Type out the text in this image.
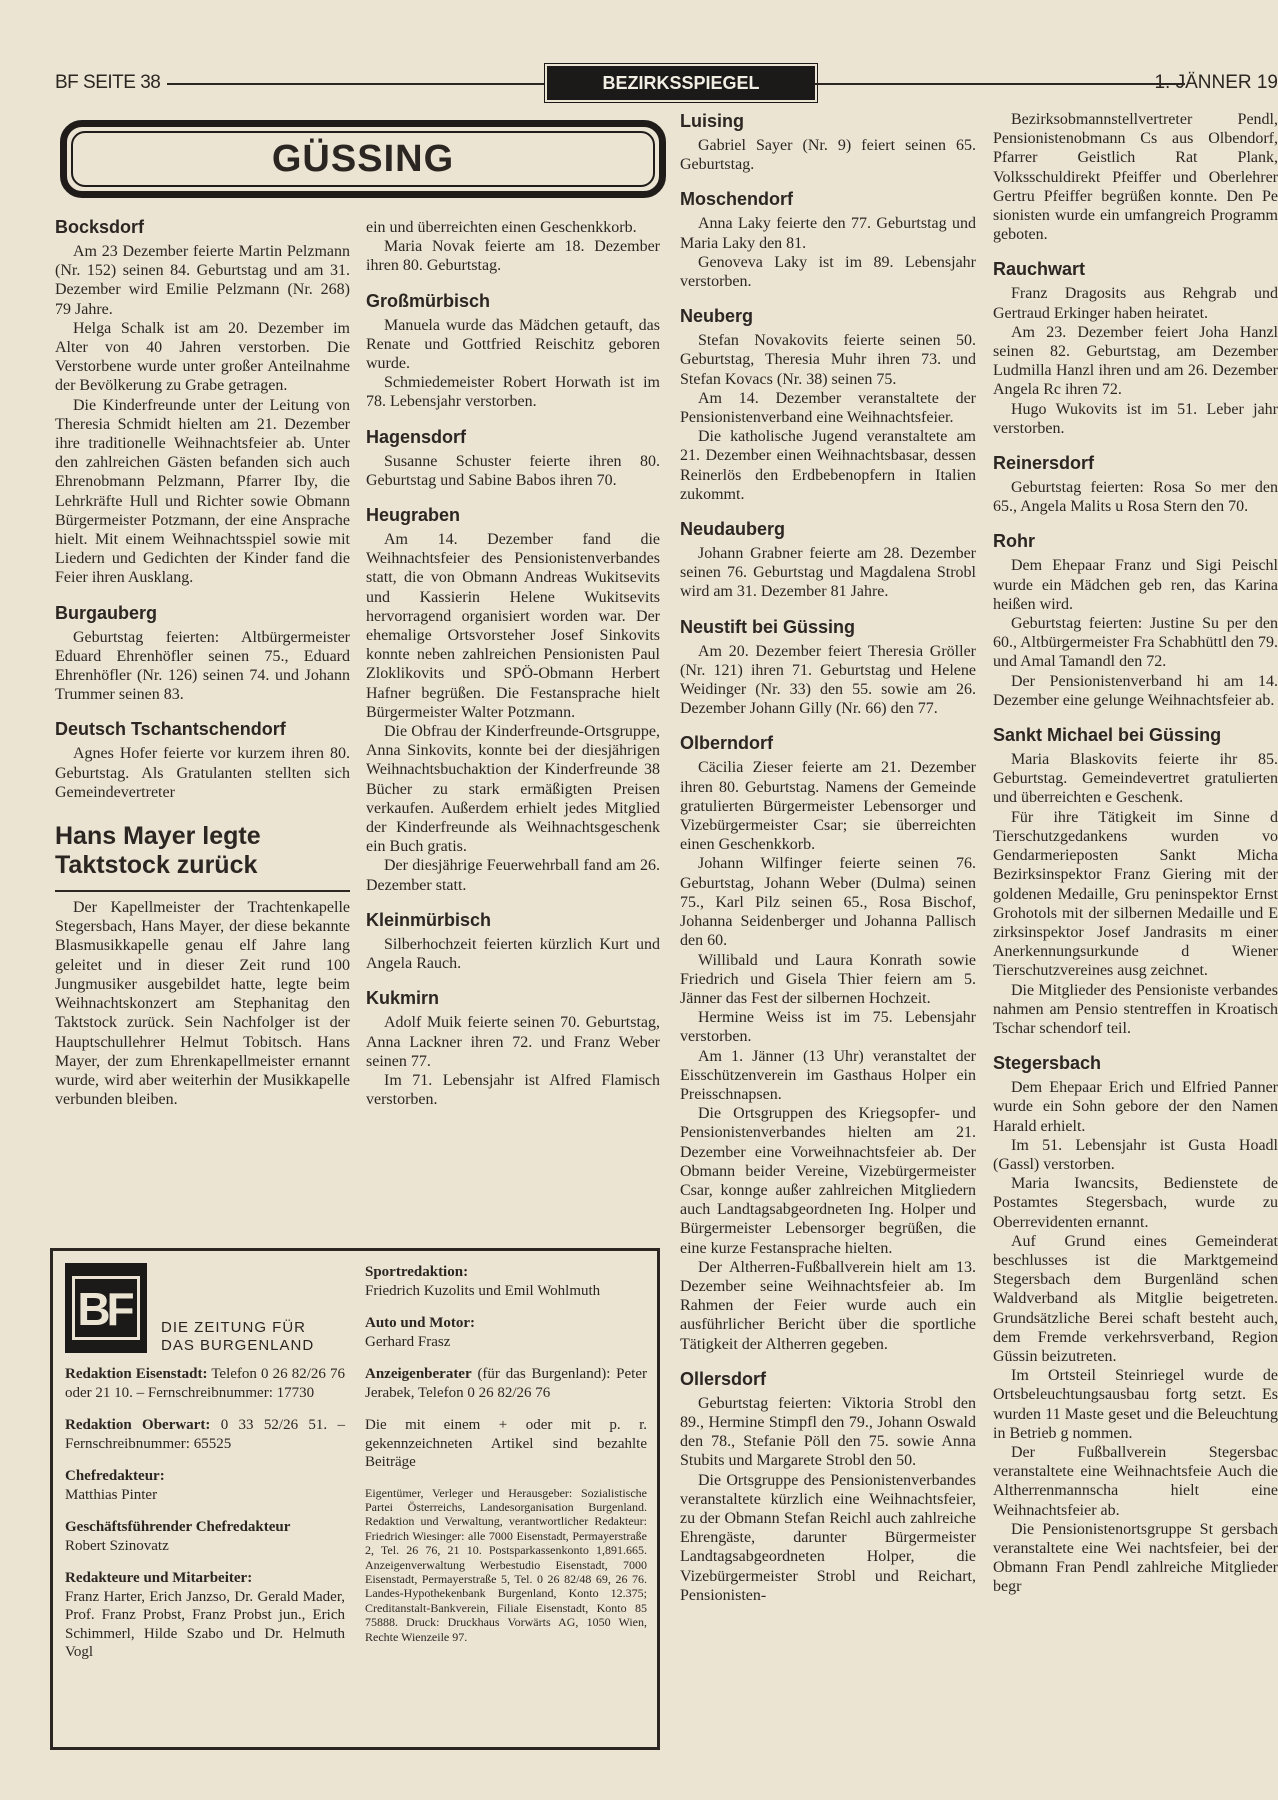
BF SEITE 38	BEZIRKSSPIEGEL	1. JÄNNER 19
GÜSSING
Bocksdorf

Am 23 Dezember feierte Martin Pelzmann (Nr. 152) seinen 84. Geburtstag und am 31. Dezember wird Emilie Pelzmann (Nr. 268) 79 Jahre.

Helga Schalk ist am 20. Dezember im Alter von 40 Jahren verstorben. Die Verstorbene wurde unter großer Anteilnahme der Bevölkerung zu Grabe getragen.

Die Kinderfreunde unter der Leitung von Theresia Schmidt hielten am 21. Dezember ihre traditionelle Weihnachtsfeier ab. Unter den zahlreichen Gästen befanden sich auch Ehrenobmann Pelzmann, Pfarrer Iby, die Lehrkräfte Hull und Richter sowie Obmann Bürgermeister Potzmann, der eine Ansprache hielt. Mit einem Weihnachtsspiel sowie mit Liedern und Gedichten der Kinder fand die Feier ihren Ausklang.

Burgauberg

Geburtstag feierten: Altbürgermeister Eduard Ehrenhöfler seinen 75., Eduard Ehrenhöfler (Nr. 126) seinen 74. und Johann Trummer seinen 83.

Deutsch Tschantschendorf

Agnes Hofer feierte vor kurzem ihren 80. Geburtstag. Als Gratulanten stellten sich Gemeindevertreter

Hans Mayer legte Taktstock zurück

Der Kapellmeister der Trachtenkapelle Stegersbach, Hans Mayer, der diese bekannte Blasmusikkapelle genau elf Jahre lang geleitet und in dieser Zeit rund 100 Jungmusiker ausgebildet hatte, legte beim Weihnachtskonzert am Stephanitag den Taktstock zurück. Sein Nachfolger ist der Hauptschullehrer Helmut Tobitsch. Hans Mayer, der zum Ehrenkapellmeister ernannt wurde, wird aber weiterhin der Musikkapelle verbunden bleiben.

ein und überreichten einen Geschenkkorb.

Maria Novak feierte am 18. Dezember ihren 80. Geburtstag.

Großmürbisch

Manuela wurde das Mädchen getauft, das Renate und Gottfried Reischitz geboren wurde.

Schmiedemeister Robert Horwath ist im 78. Lebensjahr verstorben.

Hagensdorf

Susanne Schuster feierte ihren 80. Geburtstag und Sabine Babos ihren 70.

Heugraben

Am 14. Dezember fand die Weihnachtsfeier des Pensionistenverbandes statt, die von Obmann Andreas Wukitsevits und Kassierin Helene Wukitsevits hervorragend organisiert worden war. Der ehemalige Ortsvorsteher Josef Sinkovits konnte neben zahlreichen Pensionisten Paul Zloklikovits und SPÖ-Obmann Herbert Hafner begrüßen. Die Festansprache hielt Bürgermeister Walter Potzmann.

Die Obfrau der Kinderfreunde-Ortsgruppe, Anna Sinkovits, konnte bei der diesjährigen Weihnachtsbuchaktion der Kinderfreunde 38 Bücher zu stark ermäßigten Preisen verkaufen. Außerdem erhielt jedes Mitglied der Kinderfreunde als Weihnachtsgeschenk ein Buch gratis.

Der diesjährige Feuerwehrball fand am 26. Dezember statt.

Kleinmürbisch

Silberhochzeit feierten kürzlich Kurt und Angela Rauch.

Kukmirn

Adolf Muik feierte seinen 70. Geburtstag, Anna Lackner ihren 72. und Franz Weber seinen 77.

Im 71. Lebensjahr ist Alfred Flamisch verstorben.

Luising

Gabriel Sayer (Nr. 9) feiert seinen 65. Geburtstag.

Moschendorf

Anna Laky feierte den 77. Geburtstag und Maria Laky den 81.

Genoveva Laky ist im 89. Lebensjahr verstorben.

Neuberg

Stefan Novakovits feierte seinen 50. Geburtstag, Theresia Muhr ihren 73. und Stefan Kovacs (Nr. 38) seinen 75.

Am 14. Dezember veranstaltete der Pensionistenverband eine Weihnachtsfeier.

Die katholische Jugend veranstaltete am 21. Dezember einen Weihnachtsbasar, dessen Reinerlös den Erdbebenopfern in Italien zukommt.

Neudauberg

Johann Grabner feierte am 28. Dezember seinen 76. Geburtstag und Magdalena Strobl wird am 31. Dezember 81 Jahre.

Neustift bei Güssing

Am 20. Dezember feiert Theresia Gröller (Nr. 121) ihren 71. Geburtstag und Helene Weidinger (Nr. 33) den 55. sowie am 26. Dezember Johann Gilly (Nr. 66) den 77.

Olberndorf

Cäcilia Zieser feierte am 21. Dezember ihren 80. Geburtstag. Namens der Gemeinde gratulierten Bürgermeister Lebensorger und Vizebürgermeister Csar; sie überreichten einen Geschenkkorb.

Johann Wilfinger feierte seinen 76. Geburtstag, Johann Weber (Dulma) seinen 75., Karl Pilz seinen 65., Rosa Bischof, Johanna Seidenberger und Johanna Pallisch den 60.

Willibald und Laura Konrath sowie Friedrich und Gisela Thier feiern am 5. Jänner das Fest der silbernen Hochzeit.

Hermine Weiss ist im 75. Lebensjahr verstorben.

Am 1. Jänner (13 Uhr) veranstaltet der Eisschützenverein im Gasthaus Holper ein Preisschnapsen.

Die Ortsgruppen des Kriegsopfer- und Pensionistenverbandes hielten am 21. Dezember eine Vorweihnachtsfeier ab. Der Obmann beider Vereine, Vizebürgermeister Csar, konnge außer zahlreichen Mitgliedern auch Landtagsabgeordneten Ing. Holper und Bürgermeister Lebensorger begrüßen, die eine kurze Festansprache hielten.

Der Altherren-Fußballverein hielt am 13. Dezember seine Weihnachtsfeier ab. Im Rahmen der Feier wurde auch ein ausführlicher Bericht über die sportliche Tätigkeit der Altherren gegeben.

Ollersdorf

Geburtstag feierten: Viktoria Strobl den 89., Hermine Stimpfl den 79., Johann Oswald den 78., Stefanie Pöll den 75. sowie Anna Stubits und Margarete Strobl den 50.

Die Ortsgruppe des Pensionistenverbandes veranstaltete kürzlich eine Weihnachtsfeier, zu der Obmann Stefan Reichl auch zahlreiche Ehrengäste, darunter Bürgermeister Landtagsabgeordneten Holper, die Vizebürgermeister Strobl und Reichart, Pensionisten-

Bezirksobmannstellvertreter Pendl, Pensionistenobmann Cs aus Olbendorf, Pfarrer Geistlich Rat Plank, Volksschuldirekt Pfeiffer und Oberlehrer Gertru Pfeiffer begrüßen konnte. Den Pe sionisten wurde ein umfangreich Programm geboten.

Rauchwart

Franz Dragosits aus Rehgrab und Gertraud Erkinger haben heiratet.

Am 23. Dezember feiert Joha Hanzl seinen 82. Geburtstag, am Dezember Ludmilla Hanzl ihren und am 26. Dezember Angela Rc ihren 72.

Hugo Wukovits ist im 51. Leber jahr verstorben.

Reinersdorf

Geburtstag feierten: Rosa So mer den 65., Angela Malits u Rosa Stern den 70.

Rohr

Dem Ehepaar Franz und Sigi Peischl wurde ein Mädchen geb ren, das Karina heißen wird.

Geburtstag feierten: Justine Su per den 60., Altbürgermeister Fra Schabhüttl den 79. und Amal Tamandl den 72.

Der Pensionistenverband hi am 14. Dezember eine gelunge Weihnachtsfeier ab.

Sankt Michael bei Güssing

Maria Blaskovits feierte ihr 85. Geburtstag. Gemeindevertret gratulierten und überreichten e Geschenk.

Für ihre Tätigkeit im Sinne d Tierschutzgedankens wurden vo Gendarmerieposten Sankt Micha Bezirksinspektor Franz Giering mit der goldenen Medaille, Gru peninspektor Ernst Grohotols mit der silbernen Medaille und E zirksinspektor Josef Jandrasits m einer Anerkennungsurkunde d Wiener Tierschutzvereines ausg zeichnet.

Die Mitglieder des Pensioniste verbandes nahmen am Pensio stentreffen in Kroatisch Tschar schendorf teil.

Stegersbach

Dem Ehepaar Erich und Elfried Panner wurde ein Sohn gebore der den Namen Harald erhielt.

Im 51. Lebensjahr ist Gusta Hoadl (Gassl) verstorben.

Maria Iwancsits, Bedienstete de Postamtes Stegersbach, wurde zu Oberrevidenten ernannt.

Auf Grund eines Gemeinderat beschlusses ist die Marktgemeind Stegersbach dem Burgenländ schen Waldverband als Mitglie beigetreten. Grundsätzliche Berei schaft besteht auch, dem Fremde verkehrsverband, Region Güssin beizutreten.

Im Ortsteil Steinriegel wurde de Ortsbeleuchtungsausbau fortg setzt. Es wurden 11 Maste geset und die Beleuchtung in Betrieb g nommen.

Der Fußballverein Stegersbac veranstaltete eine Weihnachtsfeie Auch die Altherrenmannscha hielt eine Weihnachtsfeier ab.

Die Pensionistenortsgruppe St gersbach veranstaltete eine Wei nachtsfeier, bei der Obmann Fran Pendl zahlreiche Mitglieder begr

BF	DIE ZEITUNG FÜR
DAS BURGENLAND
Redaktion Eisenstadt: Telefon 0 26 82/26 76 oder 21 10. – Fernschreibnummer: 17730
Redaktion Oberwart: 0 33 52/26 51. – Fernschreibnummer: 65525
Chefredakteur:
Matthias Pinter
Geschäftsführender Chefredakteur
Robert Szinovatz
Redakteure und Mitarbeiter:
Franz Harter, Erich Janzso, Dr. Gerald Mader, Prof. Franz Probst, Franz Probst jun., Erich Schimmerl, Hilde Szabo und Dr. Helmuth Vogl
Sportredaktion:
Friedrich Kuzolits und Emil Wohlmuth
Auto und Motor:
Gerhard Frasz
Anzeigenberater (für das Burgenland): Peter Jerabek, Telefon 0 26 82/26 76
Die mit einem + oder mit p. r. gekennzeichneten Artikel sind bezahlte Beiträge
Eigentümer, Verleger und Herausgeber: Sozialistische Partei Österreichs, Landesorganisation Burgenland. Redaktion und Verwaltung, verantwortlicher Redakteur: Friedrich Wiesinger: alle 7000 Eisenstadt, Permayerstraße 2, Tel. 26 76, 21 10. Postsparkassenkonto 1,891.665. Anzeigenverwaltung Werbestudio Eisenstadt, 7000 Eisenstadt, Permayerstraße 5, Tel. 0 26 82/48 69, 26 76. Landes-Hypothekenbank Burgenland, Konto 12.375; Creditanstalt-Bankverein, Filiale Eisenstadt, Konto 85 75888. Druck: Druckhaus Vorwärts AG, 1050 Wien, Rechte Wienzeile 97.
